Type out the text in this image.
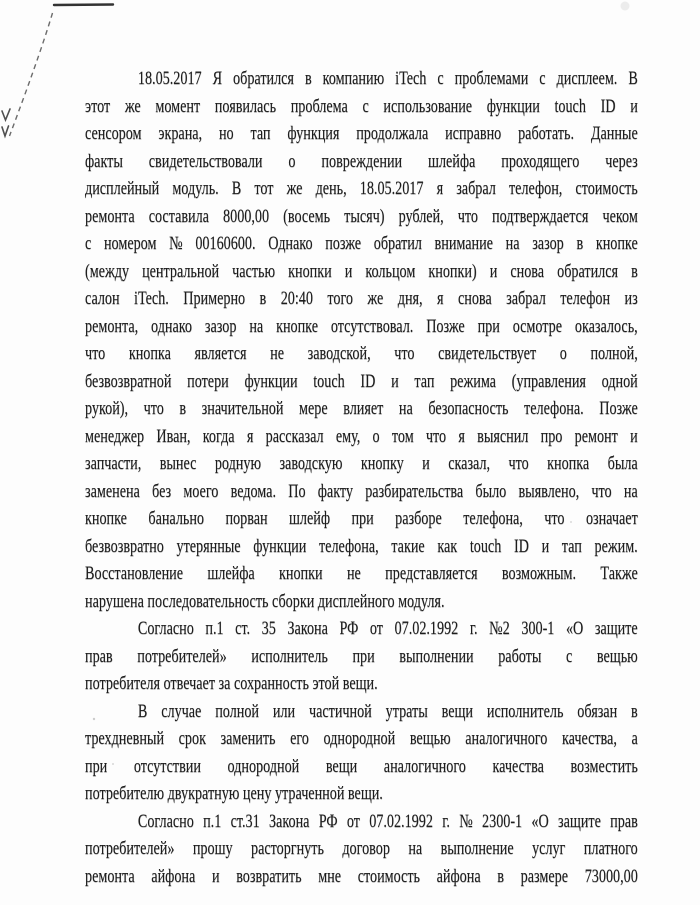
18.05.2017 Я обратился в компанию iTech с проблемами с дисплеем. В
этот же момент появилась проблема с использование функции touch ID и
сенсором экрана, но тап функция продолжала исправно работать. Данные
факты свидетельствовали о повреждении шлейфа проходящего через
дисплейный модуль. В тот же день, 18.05.2017 я забрал телефон, стоимость
ремонта составила 8000,00 (восемь тысяч) рублей, что подтверждается чеком
с номером № 00160600. Однако позже обратил внимание на зазор в кнопке
(между центральной частью кнопки и кольцом кнопки) и снова обратился в
салон iTech. Примерно в 20:40 того же дня, я снова забрал телефон из
ремонта, однако зазор на кнопке отсутствовал. Позже при осмотре оказалось,
что кнопка является не заводской, что свидетельствует о полной,
безвозвратной потери функции touch ID и тап режима (управления одной
рукой), что в значительной мере влияет на безопасность телефона. Позже
менеджер Иван, когда я рассказал ему, о том что я выяснил про ремонт и
запчасти, вынес родную заводскую кнопку и сказал, что кнопка была
заменена без моего ведома. По факту разбирательства было выявлено, что на
кнопке банально порван шлейф при разборе телефона, что означает
безвозвратно утерянные функции телефона, такие как touch ID и тап режим.
Восстановление шлейфа кнопки не представляется возможным. Также
нарушена последовательность сборки дисплейного модуля.
Согласно п.1 ст. 35 Закона РФ от 07.02.1992 г. №2 300-1 «О защите
прав потребителей» исполнитель при выполнении работы с вещью
потребителя отвечает за сохранность этой вещи.
В случае полной или частичной утраты вещи исполнитель обязан в
трехдневный срок заменить его однородной вещью аналогичного качества, а
при отсутствии однородной вещи аналогичного качества возместить
потребителю двукратную цену утраченной вещи.
Согласно п.1 ст.31 Закона РФ от 07.02.1992 г. № 2300-1 «О защите прав
потребителей» прошу расторгнуть договор на выполнение услуг платного
ремонта айфона и возвратить мне стоимость айфона в размере 73000,00
